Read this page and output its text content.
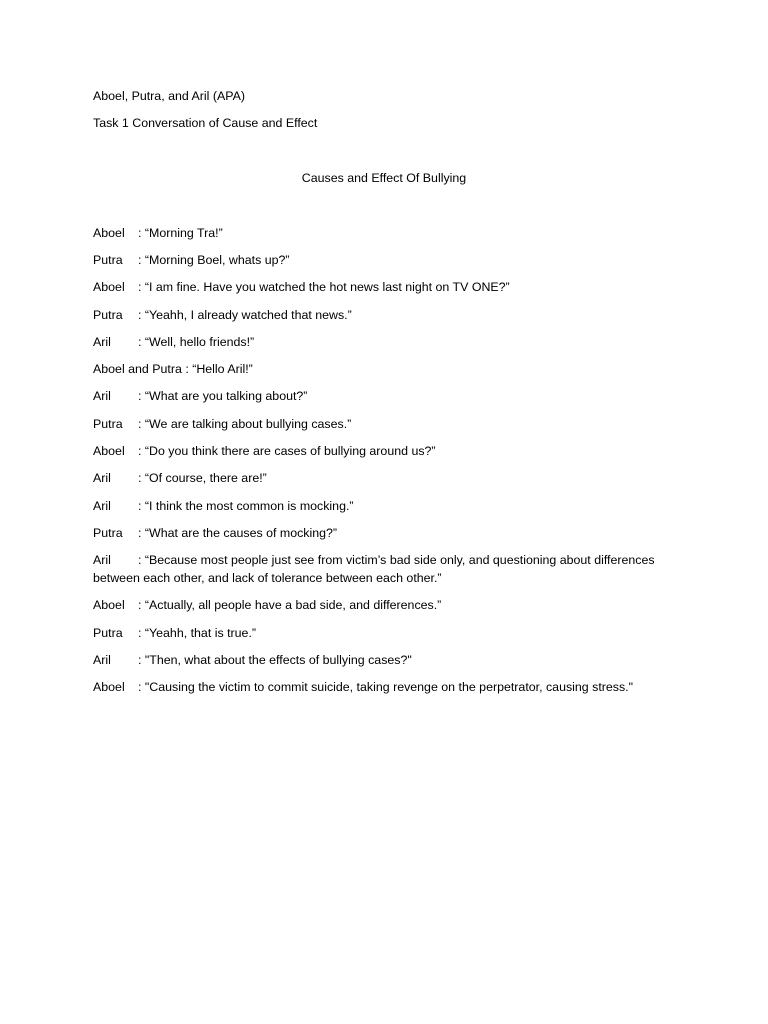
Aboel, Putra, and Aril (APA)
Task 1 Conversation of Cause and Effect
Causes and Effect Of Bullying
Aboel : “Morning Tra!”
Putra : “Morning Boel, whats up?”
Aboel : “I am fine. Have you watched the hot news last night on TV ONE?”
Putra : “Yeahh, I already watched that news.”
Aril : “Well, hello friends!”
Aboel and Putra : “Hello Aril!”
Aril : “What are you talking about?”
Putra : “We are talking about bullying cases.”
Aboel : “Do you think there are cases of bullying around us?”
Aril : “Of course, there are!”
Aril : “I think the most common is mocking.”
Putra : “What are the causes of mocking?”
Aril : “Because most people just see from victim’s bad side only, and questioning about differences between each other, and lack of tolerance between each other.”
Aboel : “Actually, all people have a bad side, and differences.”
Putra : “Yeahh, that is true.”
Aril : "Then, what about the effects of bullying cases?"
Aboel : "Causing the victim to commit suicide, taking revenge on the perpetrator, causing stress."
